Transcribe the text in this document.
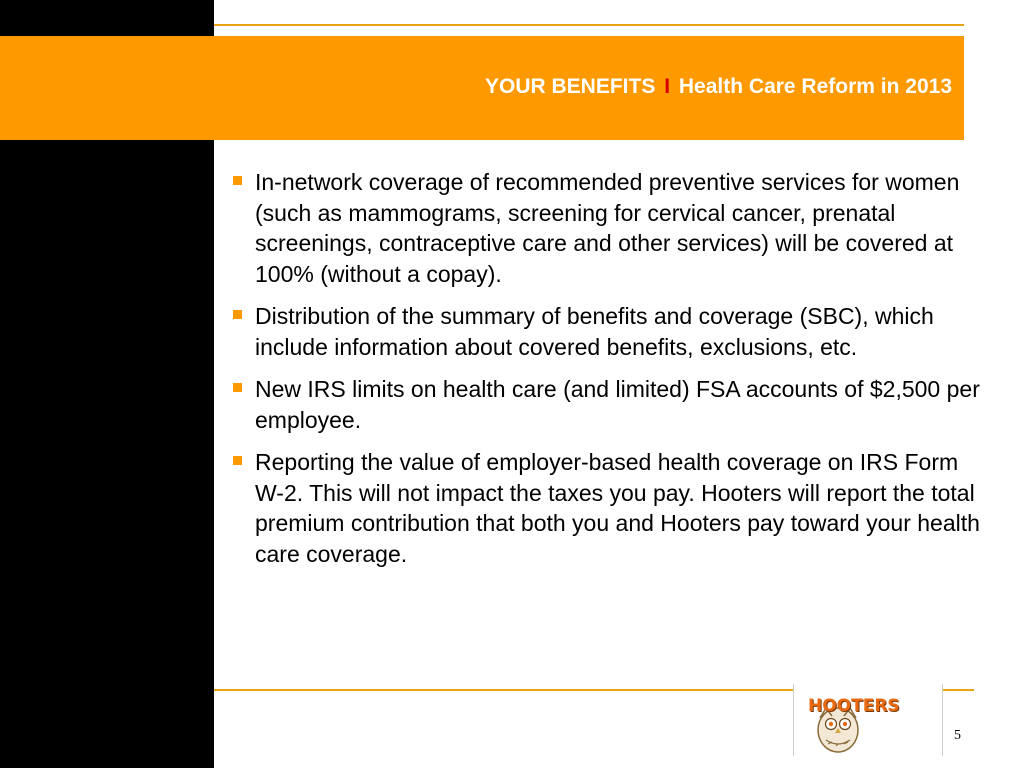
YOUR BENEFITS I Health Care Reform in 2013
In-network coverage of recommended preventive services for women (such as mammograms, screening for cervical cancer, prenatal screenings, contraceptive care and other services) will be covered at 100% (without a copay).
Distribution of the summary of benefits and coverage (SBC), which include information about covered benefits, exclusions, etc.
New IRS limits on health care (and limited) FSA accounts of $2,500 per employee.
Reporting the value of employer-based health coverage on IRS Form W-2. This will not impact the taxes you pay. Hooters will report the total premium contribution that both you and Hooters pay toward your health care coverage.
HOOTERS
5
